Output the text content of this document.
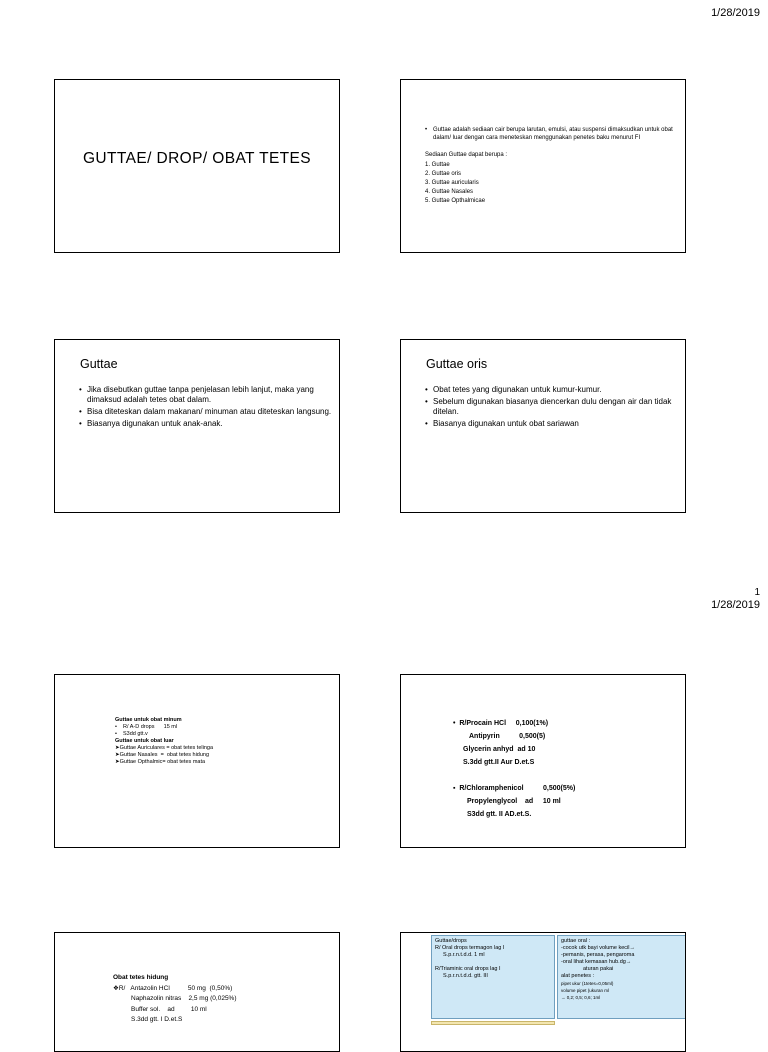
1/28/2019
GUTTAE/ DROP/ OBAT TETES
• Guttae adalah sediaan cair berupa larutan, emulsi, atau suspensi dimaksudkan untuk obat dalam/ luar dengan cara meneteskan menggunakan penetes baku menurut FI
Sediaan Guttae dapat berupa :
1. Guttae
2. Guttae oris
3. Guttae auricularis
4. Guttae Nasales
5. Guttae Opthalmicae
Guttae
• Jika disebutkan guttae tanpa penjelasan lebih lanjut, maka yang dimaksud adalah tetes obat dalam.
• Bisa diteteskan dalam makanan/ minuman atau diteteskan langsung.
• Biasanya digunakan untuk anak-anak.
Guttae oris
• Obat tetes yang digunakan untuk kumur-kumur.
• Sebelum digunakan biasanya diencerkan dulu dengan air dan tidak ditelan.
• Biasanya digunakan untuk obat sariawan
1
1/28/2019
Guttae untuk obat minum
• R/ A-D drops      15 ml
• S3dd gtt.v
Guttae untuk obat luar
➤Guttae Auriculares = obat tetes telinga
➤Guttae Nasales  =  obat tetes hidung
➤Guttae Opthalmic= obat tetes mata
•  R/Procain HCl     0,100(1%)
Antipyrin          0,500(5)
Glycerin anhyd  ad 10
S.3dd gtt.II Aur D.et.S
▪  R/Chloramphenicol          0,500(5%)
Propylenglycol    ad     10 ml
S3dd gtt. II AD.et.S.
Obat tetes hidung
❖R/   Antazolin HCl          50 mg  (0,50%)
Naphazolin nitras    2,5 mg (0,025%)
Buffer sol.    ad         10 ml
S.3dd gtt. I D.et.S
Guttae/drops
R/ Oral drops termagon lag I
S.p.r.n.t.d.d. 1 ml
R/Triaminic oral drops lag I
S.p.r.n.t.d.d. gtt. III
guttae oral :
-cocok utk bayi volume kecil→
-pemanis, perasa, pengaroma
-oral lihat kemasan hub.dg→
aturan pakai
alat penetes :
pipet ukur (1tetes=0,05ml)
volume pipet (ukuran ml
→ 0,2; 0,5; 0,6; 1ml
